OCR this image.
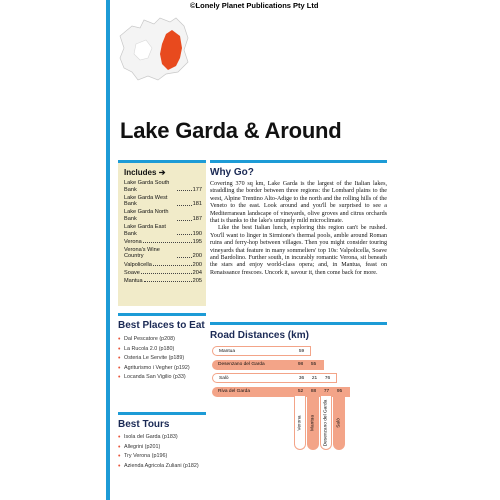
©Lonely Planet Publications Pty Ltd
Lake Garda & Around
Includes ➔
Lake Garda South Bank	177
Lake Garda West Bank	181
Lake Garda North Bank	187
Lake Garda East Bank	190
Verona	195
Verona's Wine Country	200
Valpolicella	200
Soave	204
Mantua	205
Why Go?

Covering 370 sq km, Lake Garda is the largest of the Italian lakes, straddling the border between three regions: the Lombard plains to the west, Alpine Trentino Alto-Adige to the north and the rolling hills of the Veneto to the east. Look around and you'll be surprised to see a Mediterranean landscape of vineyards, olive groves and citrus orchards that is thanks to the lake's uniquely mild microclimate.

Like the best Italian lunch, exploring this region can't be rushed. You'll want to linger in Sirmione's thermal pools, amble around Roman ruins and ferry-hop between villages. Then you might consider touring vineyards that feature in many sommeliers' top 10s: Valpolicella, Soave and Bardolino. Further south, in incurably romantic Verona, sit beneath the stars and enjoy world-class opera; and, in Mantua, feast on Renaissance frescoes. Uncork it, savour it, then come back for more.

Best Places to Eat
• Dal Pescatore (p208)
• La Rucola 2.0 (p180)
• Osteria Le Servite (p189)
• Agriturismo i Vegher (p192)
• Locanda San Vigilio (p33)
Best Tours
• Isola del Garda (p183)
• Allegrini (p201)
• Try Verona (p196)
• Azienda Agricola Zuliani (p182)
Road Distances (km)
Mantua	59
Desenzano del Garda	98	55
Salò	36	21	76
Riva del Garda	52	88	77	95
Verona Mantua Desenzano del Garda Salò
